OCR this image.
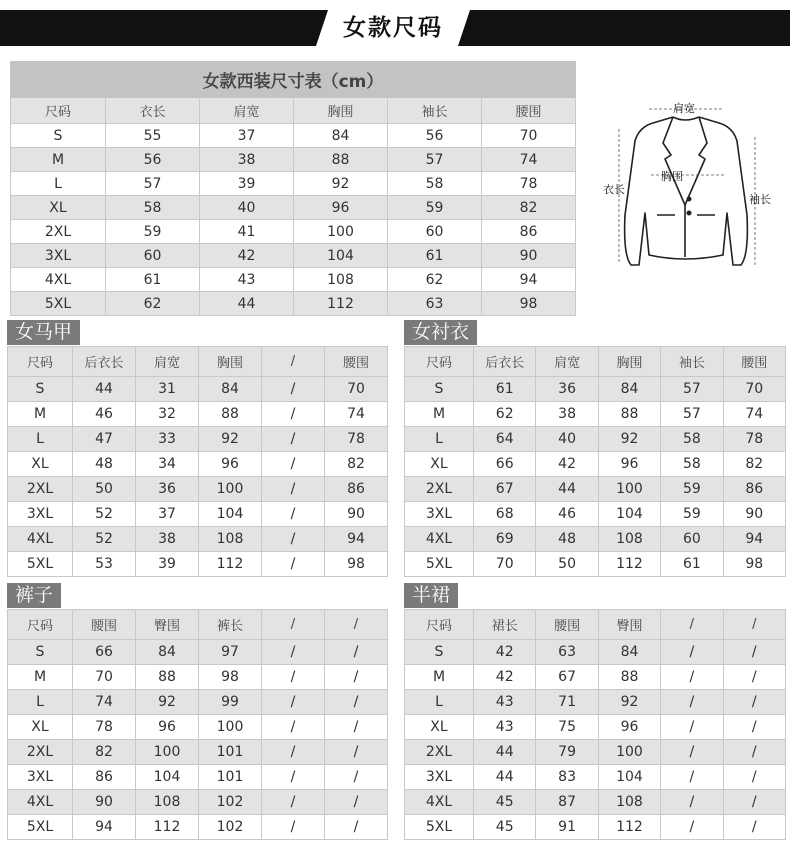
女款尺码
女款西装尺寸表（cm）					
尺码	衣长	肩宽	胸围	袖长	腰围
S	55	37	84	56	70
M	56	38	88	57	74
L	57	39	92	58	78
XL	58	40	96	59	82
2XL	59	41	100	60	86
3XL	60	42	104	61	90
4XL	61	43	108	62	94
5XL	62	44	112	63	98
肩宽
胸围
衣长
袖长
女马甲
尺码	后衣长	肩宽	胸围	/	腰围
S	44	31	84	/	70
M	46	32	88	/	74
L	47	33	92	/	78
XL	48	34	96	/	82
2XL	50	36	100	/	86
3XL	52	37	104	/	90
4XL	52	38	108	/	94
5XL	53	39	112	/	98
女衬衣
尺码	后衣长	肩宽	胸围	袖长	腰围
S	61	36	84	57	70
M	62	38	88	57	74
L	64	40	92	58	78
XL	66	42	96	58	82
2XL	67	44	100	59	86
3XL	68	46	104	59	90
4XL	69	48	108	60	94
5XL	70	50	112	61	98
裤子
尺码	腰围	臀围	裤长	/	/
S	66	84	97	/	/
M	70	88	98	/	/
L	74	92	99	/	/
XL	78	96	100	/	/
2XL	82	100	101	/	/
3XL	86	104	101	/	/
4XL	90	108	102	/	/
5XL	94	112	102	/	/
半裙
尺码	裙长	腰围	臀围	/	/
S	42	63	84	/	/
M	42	67	88	/	/
L	43	71	92	/	/
XL	43	75	96	/	/
2XL	44	79	100	/	/
3XL	44	83	104	/	/
4XL	45	87	108	/	/
5XL	45	91	112	/	/
